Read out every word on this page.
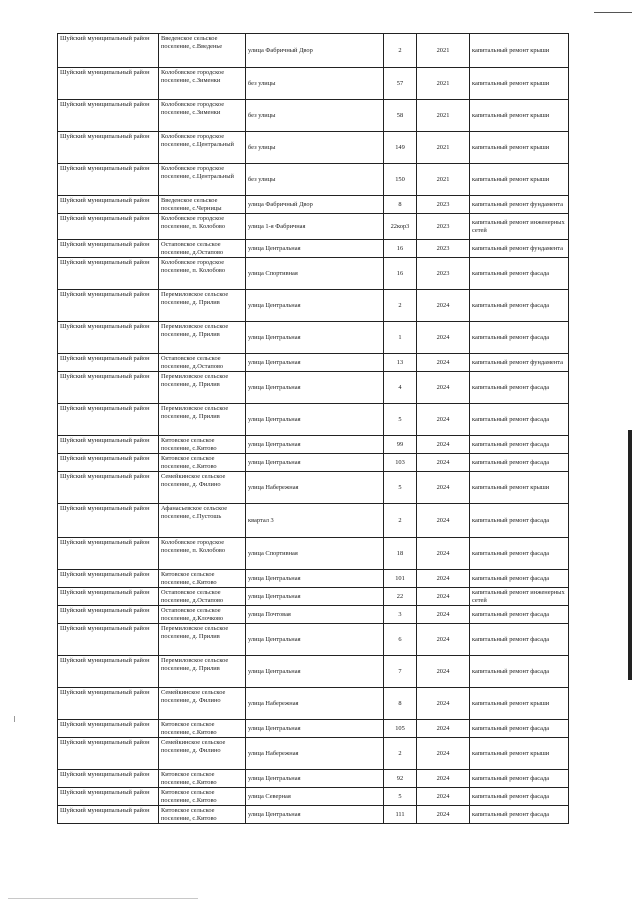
Шуйский муниципальный район	Введенское сельское поселение, с.Введенье	улица Фабричный Двор	2	2021	капитальный ремонт крыши
Шуйский муниципальный район	Колобовское городское поселение, с.Зименки	без улицы	57	2021	капитальный ремонт крыши
Шуйский муниципальный район	Колобовское городское поселение, с.Зименки	без улицы	58	2021	капитальный ремонт крыши
Шуйский муниципальный район	Колобовское городское поселение, с.Центральный	без улицы	149	2021	капитальный ремонт крыши
Шуйский муниципальный район	Колобовское городское поселение, с.Центральный	без улицы	150	2021	капитальный ремонт крыши
Шуйский муниципальный район	Введенское сельское поселение, с.Черницы	улица Фабричный Двор	8	2023	капитальный ремонт фундамента
Шуйский муниципальный район	Колобовское городское поселение, п. Колобово	улица 1-я Фабричная	22кор3	2023	капитальный ремонт инженерных сетей
Шуйский муниципальный район	Остаповское сельское поселение, д.Остапово	улица Центральная	16	2023	капитальный ремонт фундамента
Шуйский муниципальный район	Колобовское городское поселение, п. Колобово	улица Спортивная	16	2023	капитальный ремонт фасада
Шуйский муниципальный район	Перемиловское сельское поселение, д. Прилив	улица Центральная	2	2024	капитальный ремонт фасада
Шуйский муниципальный район	Перемиловское сельское поселение, д. Прилив	улица Центральная	1	2024	капитальный ремонт фасада
Шуйский муниципальный район	Остаповское сельское поселение, д.Остапово	улица Центральная	13	2024	капитальный ремонт фундамента
Шуйский муниципальный район	Перемиловское сельское поселение, д. Прилив	улица Центральная	4	2024	капитальный ремонт фасада
Шуйский муниципальный район	Перемиловское сельское поселение, д. Прилив	улица Центральная	5	2024	капитальный ремонт фасада
Шуйский муниципальный район	Китовское сельское поселение, с.Китово	улица Центральная	99	2024	капитальный ремонт фасада
Шуйский муниципальный район	Китовское сельское поселение, с.Китово	улица Центральная	103	2024	капитальный ремонт фасада
Шуйский муниципальный район	Семейкинское сельское поселение, д. Филино	улица Набережная	5	2024	капитальный ремонт крыши
Шуйский муниципальный район	Афанасьевское сельское поселение, с.Пустошь	квартал 3	2	2024	капитальный ремонт фасада
Шуйский муниципальный район	Колобовское городское поселение, п. Колобово	улица Спортивная	18	2024	капитальный ремонт фасада
Шуйский муниципальный район	Китовское сельское поселение, с.Китово	улица Центральная	101	2024	капитальный ремонт фасада
Шуйский муниципальный район	Остаповское сельское поселение, д.Остапово	улица Центральная	22	2024	капитальный ремонт инженерных сетей
Шуйский муниципальный район	Остаповское сельское поселение, д.Клочково	улица Почтовая	3	2024	капитальный ремонт фасада
Шуйский муниципальный район	Перемиловское сельское поселение, д. Прилив	улица Центральная	6	2024	капитальный ремонт фасада
Шуйский муниципальный район	Перемиловское сельское поселение, д. Прилив	улица Центральная	7	2024	капитальный ремонт фасада
Шуйский муниципальный район	Семейкинское сельское поселение, д. Филино	улица Набережная	8	2024	капитальный ремонт крыши
Шуйский муниципальный район	Китовское сельское поселение, с.Китово	улица Центральная	105	2024	капитальный ремонт фасада
Шуйский муниципальный район	Семейкинское сельское поселение, д. Филино	улица Набережная	2	2024	капитальный ремонт крыши
Шуйский муниципальный район	Китовское сельское поселение, с.Китово	улица Центральная	92	2024	капитальный ремонт фасада
Шуйский муниципальный район	Китовское сельское поселение, с.Китово	улица Северная	5	2024	капитальный ремонт фасада
Шуйский муниципальный район	Китовское сельское поселение, с.Китово	улица Центральная	111	2024	капитальный ремонт фасада
